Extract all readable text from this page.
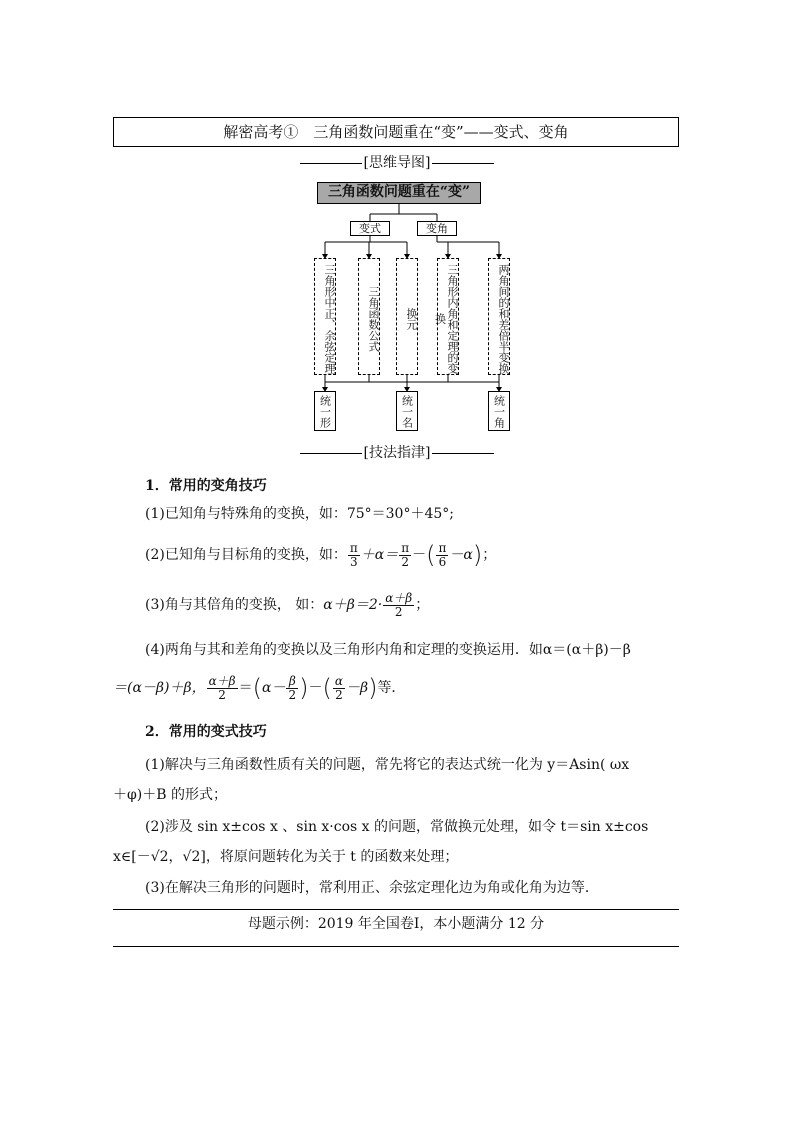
解密高考①　三角函数问题重在“变”——变式、变角
[思维导图]
三角函数问题重在“变”
变式	变角
三角形中正、余弦定理	三角函数公式	换元	三角形内角和定理的变换	两角间的和差倍半变换
统一形	统一名	统一角
[技法指津]
1．常用的变角技巧
(1)已知角与特殊角的变换，如：75°＝30°＋45°;
(2)已知角与目标角的变换，如： $\frac{\pi}{3} +\alpha= \frac{\pi}{2}$ － ( $\frac{\pi}{6} -\alpha$ ) ；
(3)角与其倍角的变换， 如： $\alpha+\beta=2\cdot \frac{\alpha+\beta}{2}$ ；
(4)两角与其和差角的变换以及三角形内角和定理的变换运用．如α＝(α＋β)－β
＝(α－β)＋β， $\frac{\alpha+\beta}{2}$ ＝ ( $\alpha- \frac{\beta}{2}$ ) － ( $\frac{\alpha}{2} -\beta$ ) 等．
2．常用的变式技巧
(1)解决与三角函数性质有关的问题，常先将它的表达式统一化为 y＝Asin( ωx
＋φ)＋B 的形式；
(2)涉及 sin x±cos x 、sin x·cos x 的问题，常做换元处理，如令 t＝sin x±cos
x∈[－√2，√2]，将原问题转化为关于 t 的函数来处理；
(3)在解决三角形的问题时，常利用正、余弦定理化边为角或化角为边等．
母题示例：2019 年全国卷Ⅰ，本小题满分 12 分
